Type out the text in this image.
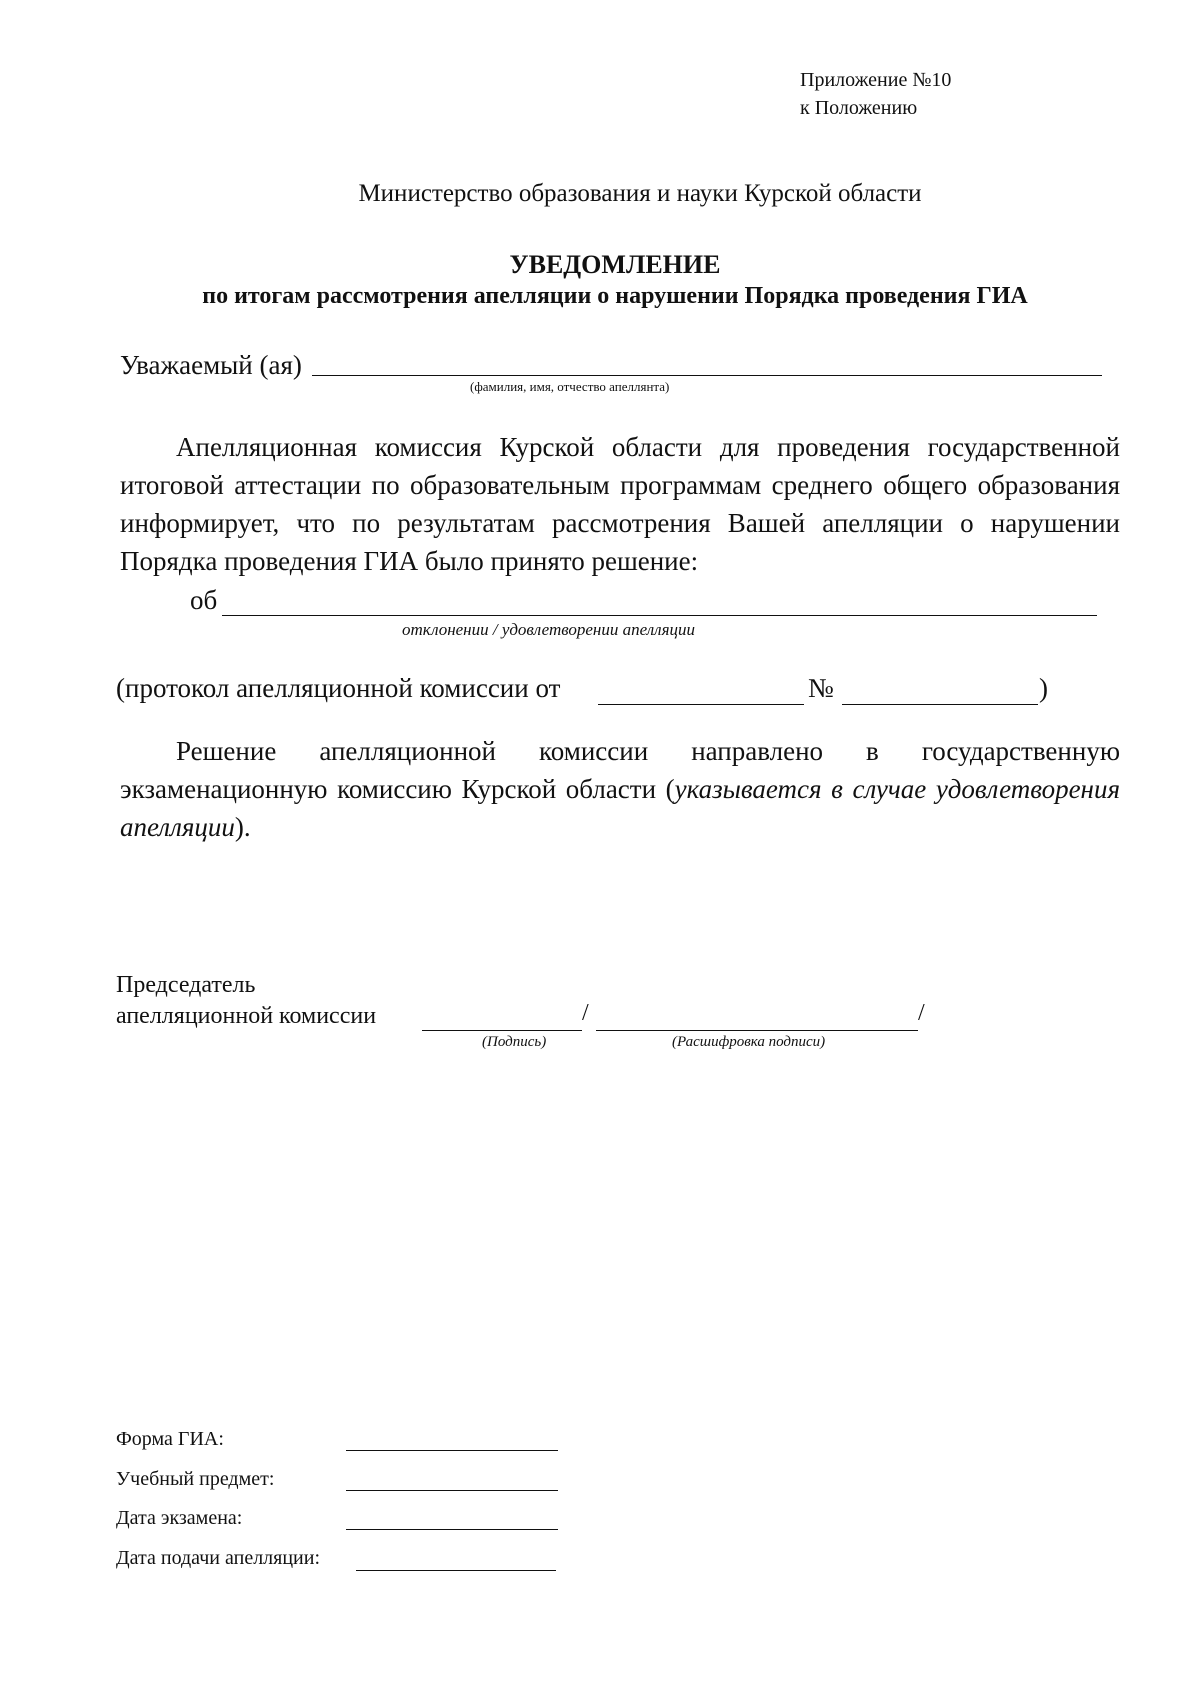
Приложение №10
к Положению
Министерство образования и науки Курской области
УВЕДОМЛЕНИЕ
по итогам рассмотрения апелляции о нарушении Порядка проведения ГИА
Уважаемый (ая)
(фамилия, имя, отчество апеллянта)
Апелляционная комиссия Курской области для проведения государственной итоговой аттестации по образовательным программам среднего общего образования информирует, что по результатам рассмотрения Вашей апелляции о нарушении Порядка проведения ГИА было принято решение:
об
отклонении / удовлетворении апелляции
(протокол апелляционной комиссии от	№	)
Решение апелляционной комиссии направлено в государственную экзаменационную комиссию Курской области (указывается в случае удовлетворения апелляции).
Председатель
апелляционной комиссии	/	/
(Подпись)	(Расшифровка подписи)
Форма ГИА:
Учебный предмет:
Дата экзамена:
Дата подачи апелляции:
